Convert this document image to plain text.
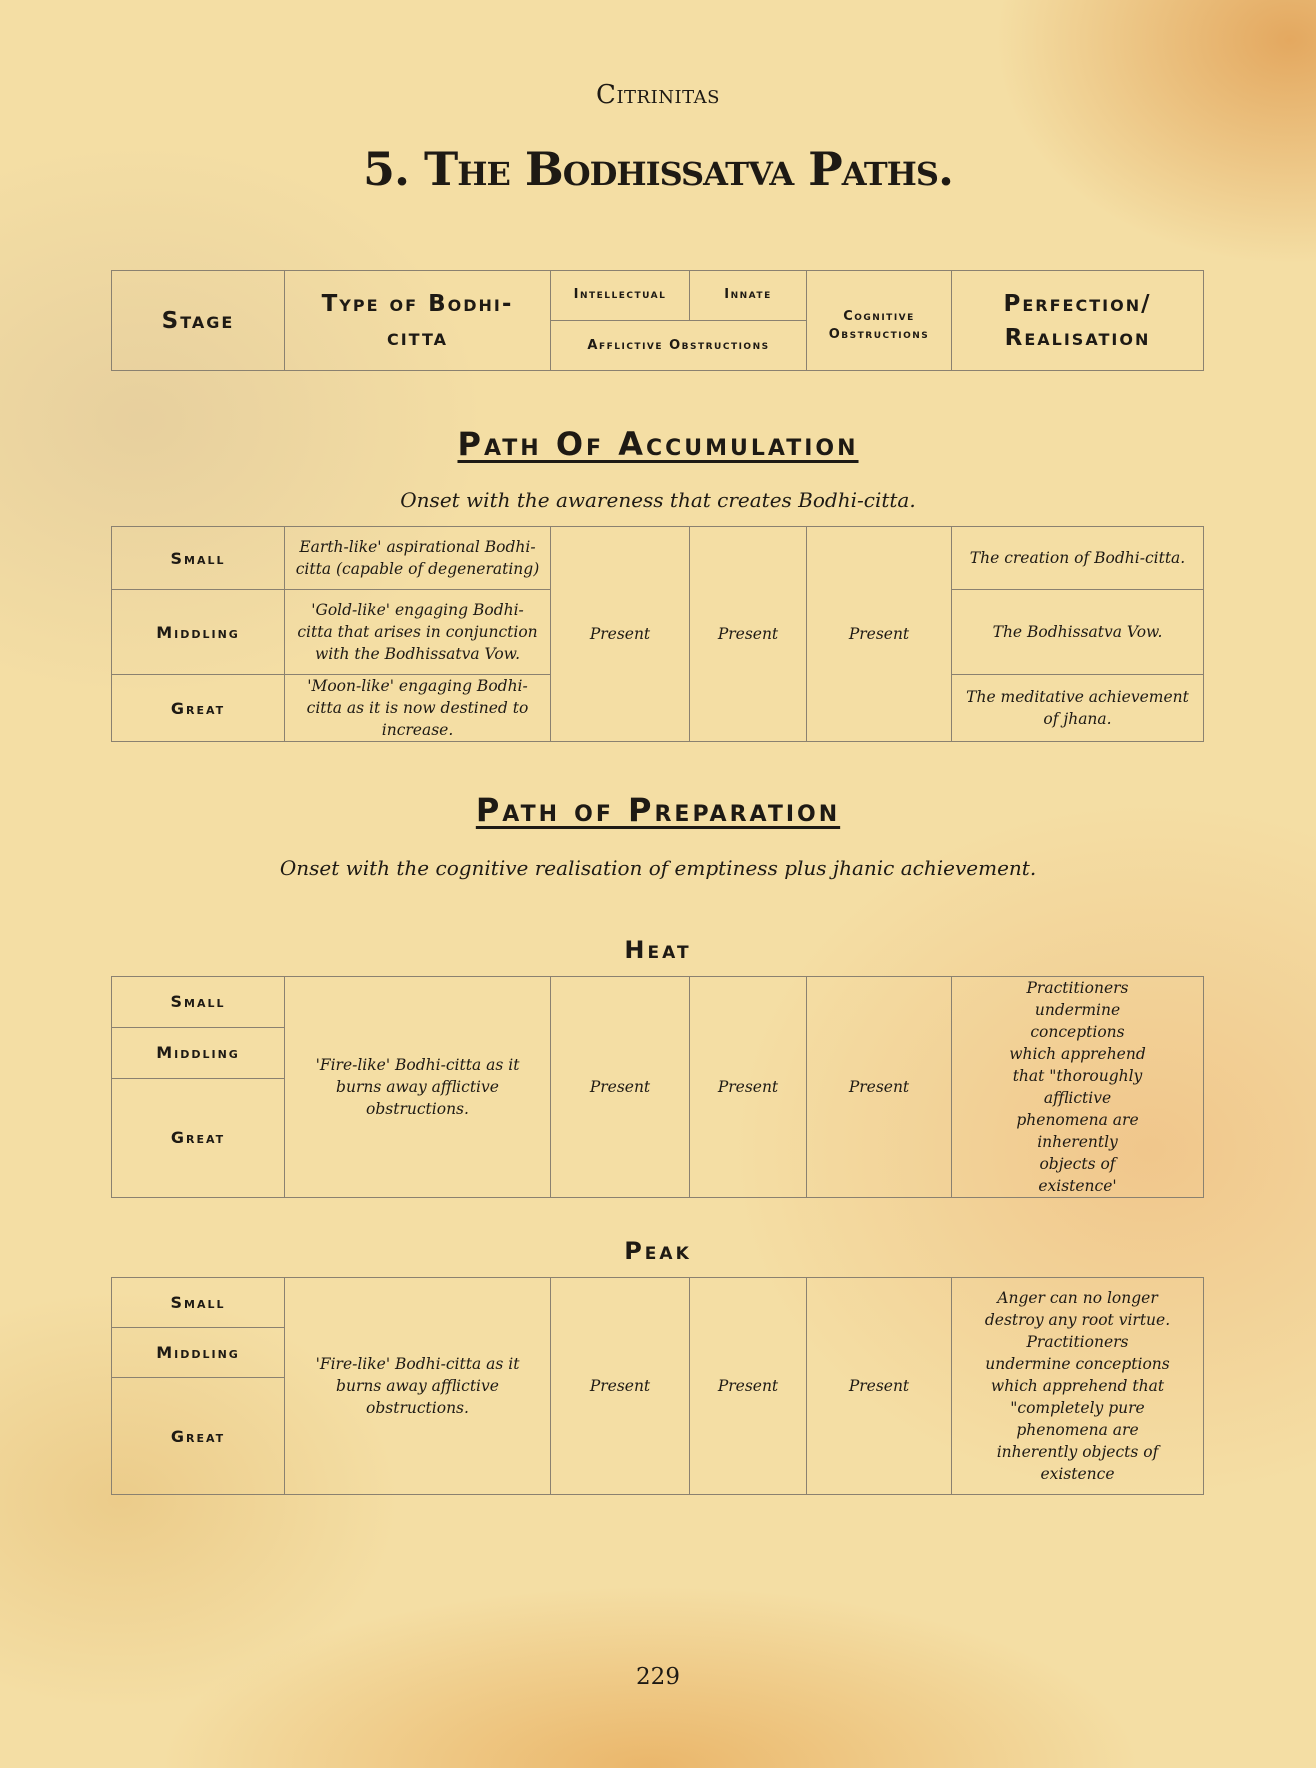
Citrinitas
5. The Bodhissatva Paths.
Stage	Type of Bodhi-citta	Intellectual	Innate	Cognitive Obstructions	Perfection/ Realisation
Afflictive Obstructions
Path Of Accumulation
Onset with the awareness that creates Bodhi-citta.
Small	Earth-like' aspirational Bodhi-citta (capable of degenerating)	Present	Present	Present	The creation of Bodhi-citta.
Middling	'Gold-like' engaging Bodhi-citta that arises in conjunction with the Bodhissatva Vow.				The Bodhissatva Vow.
Great	'Moon-like' engaging Bodhi-citta as it is now destined to increase.				The meditative achievement of jhana.
Path of Preparation
Onset with the cognitive realisation of emptiness plus jhanic achievement.
Heat
Small	'Fire-like' Bodhi-citta as it burns away afflictive obstructions.	Present	Present	Present	Practitioners undermine conceptions which apprehend that "thoroughly afflictive phenomena are inherently objects of existence'
Middling
Great
Peak
Small	'Fire-like' Bodhi-citta as it burns away afflictive obstructions.	Present	Present	Present	Anger can no longer destroy any root virtue. Practitioners undermine conceptions which apprehend that "completely pure phenomena are inherently objects of existence
Middling
Great
229
